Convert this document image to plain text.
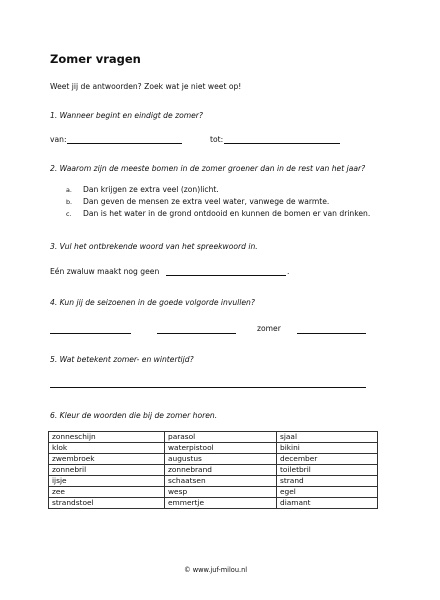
Zomer vragen
Weet jij de antwoorden? Zoek wat je niet weet op!
1. Wanneer begint en eindigt de zomer?
van:	tot:
2. Waarom zijn de meeste bomen in de zomer groener dan in de rest van het jaar?
a. Dan krijgen ze extra veel (zon)licht.
b. Dan geven de mensen ze extra veel water, vanwege de warmte.
c. Dan is het water in de grond ontdooid en kunnen de bomen er van drinken.
3. Vul het ontbrekende woord van het spreekwoord in.
Eén zwaluw maakt nog geen	.
4. Kun jij de seizoenen in de goede volgorde invullen?
zomer
5. Wat betekent zomer- en wintertijd?
6. Kleur de woorden die bij de zomer horen.
zonneschijn	parasol	sjaal
klok	waterpistool	bikini
zwembroek	augustus	december
zonnebril	zonnebrand	toiletbril
ijsje	schaatsen	strand
zee	wesp	egel
strandstoel	emmertje	diamant
© www.juf-milou.nl
